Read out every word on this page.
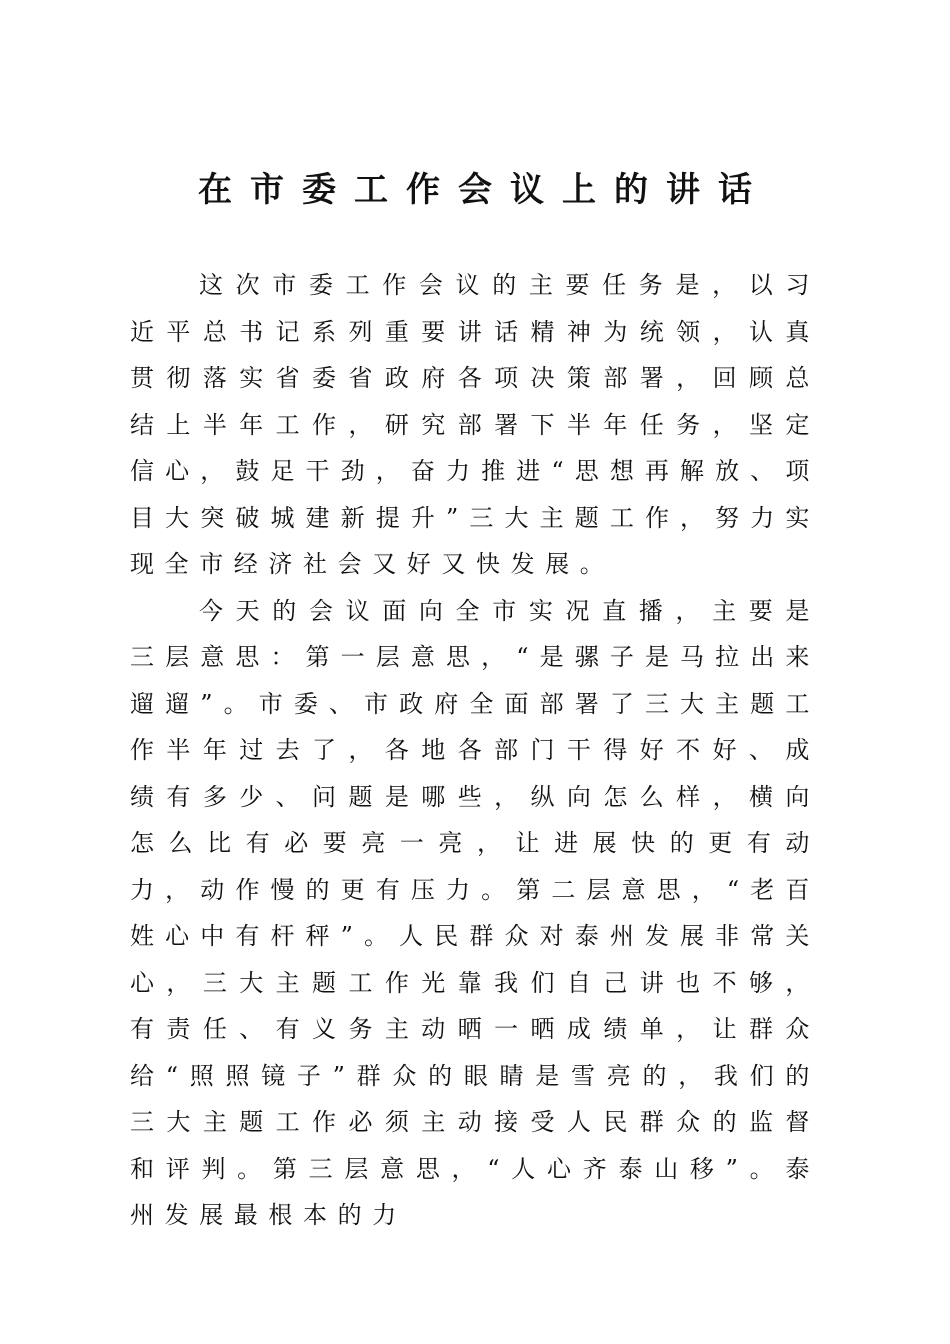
在市委工作会议上的讲话

这次市委工作会议的主要任务是，以习近平总书记系列重要讲话精神为统领，认真贯彻落实省委省政府各项决策部署，回顾总结上半年工作，研究部署下半年任务，坚定信心，鼓足干劲，奋力推进“思想再解放、项目大突破城建新提升”三大主题工作，努力实现全市经济社会又好又快发展。

今天的会议面向全市实况直播，主要是三层意思：第一层意思，“是骡子是马拉出来遛遛”。市委、市政府全面部署了三大主题工作半年过去了，各地各部门干得好不好、成绩有多少、问题是哪些，纵向怎么样，横向怎么比有必要亮一亮，让进展快的更有动力，动作慢的更有压力。第二层意思，“老百姓心中有杆秤”。人民群众对泰州发展非常关心，三大主题工作光靠我们自己讲也不够，有责任、有义务主动晒一晒成绩单，让群众给“照照镜子”群众的眼睛是雪亮的，我们的三大主题工作必须主动接受人民群众的监督和评判。第三层意思，“人心齐泰山移”。泰州发展最根本的力
